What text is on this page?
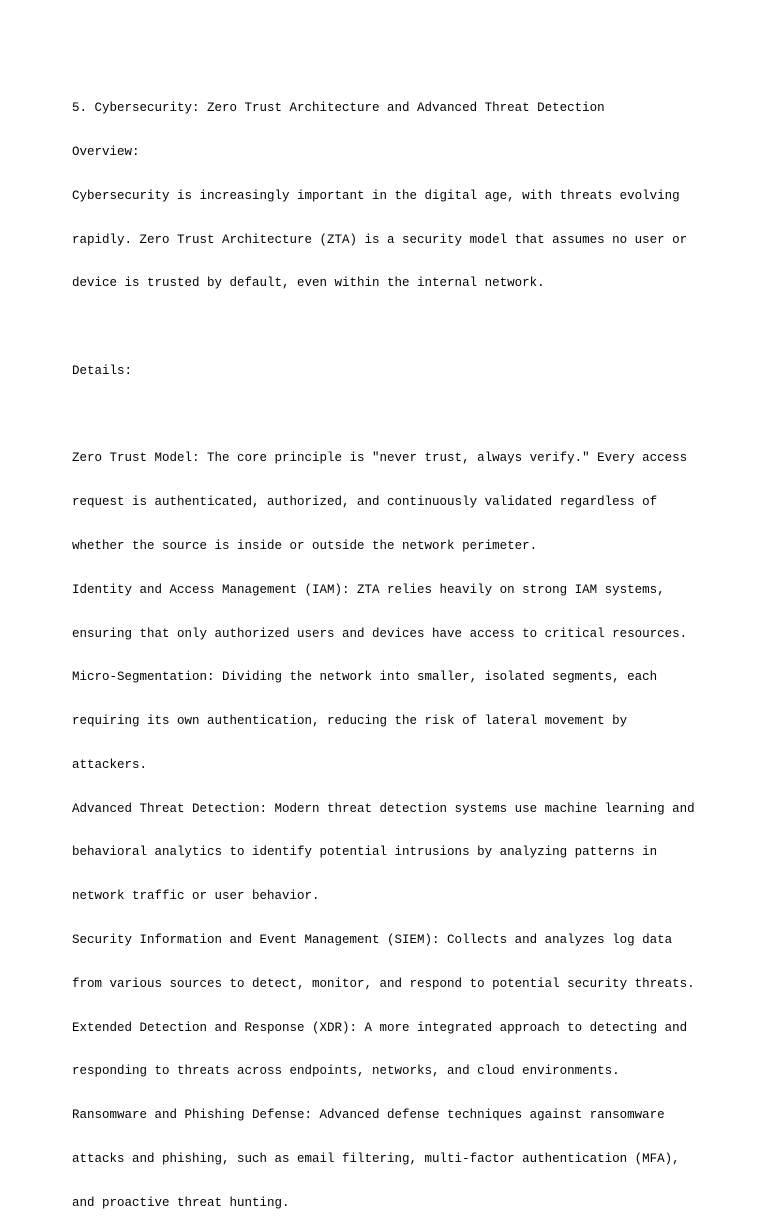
5. Cybersecurity: Zero Trust Architecture and Advanced Threat Detection

Overview:

Cybersecurity is increasingly important in the digital age, with threats evolving

rapidly. Zero Trust Architecture (ZTA) is a security model that assumes no user or

device is trusted by default, even within the internal network.

Details:

Zero Trust Model: The core principle is "never trust, always verify." Every access

request is authenticated, authorized, and continuously validated regardless of

whether the source is inside or outside the network perimeter.

Identity and Access Management (IAM): ZTA relies heavily on strong IAM systems,

ensuring that only authorized users and devices have access to critical resources.

Micro-Segmentation: Dividing the network into smaller, isolated segments, each

requiring its own authentication, reducing the risk of lateral movement by

attackers.

Advanced Threat Detection: Modern threat detection systems use machine learning and

behavioral analytics to identify potential intrusions by analyzing patterns in

network traffic or user behavior.

Security Information and Event Management (SIEM): Collects and analyzes log data

from various sources to detect, monitor, and respond to potential security threats.

Extended Detection and Response (XDR): A more integrated approach to detecting and

responding to threats across endpoints, networks, and cloud environments.

Ransomware and Phishing Defense: Advanced defense techniques against ransomware

attacks and phishing, such as email filtering, multi-factor authentication (MFA),

and proactive threat hunting.
